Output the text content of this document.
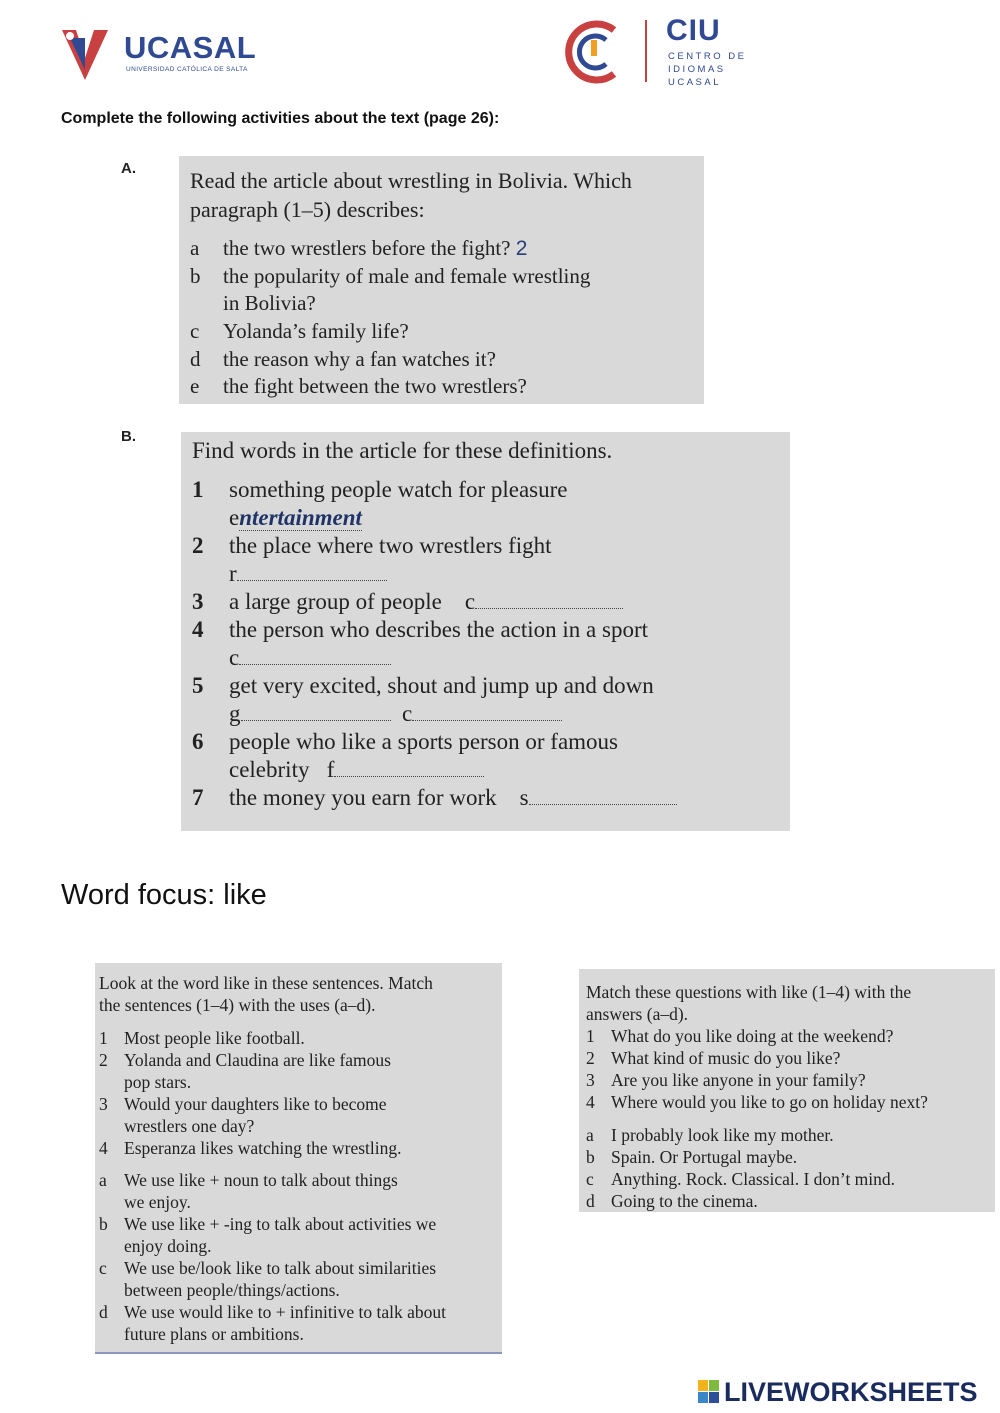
UCASAL
UNIVERSIDAD CATÓLICA DE SALTA
CIU
CENTRO DE
IDIOMAS
UCASAL
Complete the following activities about the text (page 26):
A. Read the article about wrestling in Bolivia. Which
paragraph (1–5) describes:
a the two wrestlers before the fight? 2
b the popularity of male and female wrestling
in Bolivia?
c Yolanda’s family life?
d the reason why a fan watches it?
e the fight between the two wrestlers?
B.
Find words in the article for these definitions.
1 something people watch for pleasure
entertainment
2 the place where two wrestlers fight
r
3 a large group of people c
4 the person who describes the action in a sport
c
5 get very excited, shout and jump up and down
g	c
6 people who like a sports person or famous
celebrity f
7 the money you earn for work s
Word focus: like
Look at the word like in these sentences. Match
the sentences (1–4) with the uses (a–d).
1 Most people like football.
2 Yolanda and Claudina are like famous
pop stars.
3 Would your daughters like to become
wrestlers one day?
4 Esperanza likes watching the wrestling.
a We use like + noun to talk about things
we enjoy.
b We use like + -ing to talk about activities we
enjoy doing.
c We use be/look like to talk about similarities
between people/things/actions.
d We use would like to + infinitive to talk about
future plans or ambitions.
Match these questions with like (1–4) with the
answers (a–d).
1 What do you like doing at the weekend?
2 What kind of music do you like?
3 Are you like anyone in your family?
4 Where would you like to go on holiday next?
a I probably look like my mother.
b Spain. Or Portugal maybe.
c Anything. Rock. Classical. I don’t mind.
d Going to the cinema.
LIVEWORKSHEETS
